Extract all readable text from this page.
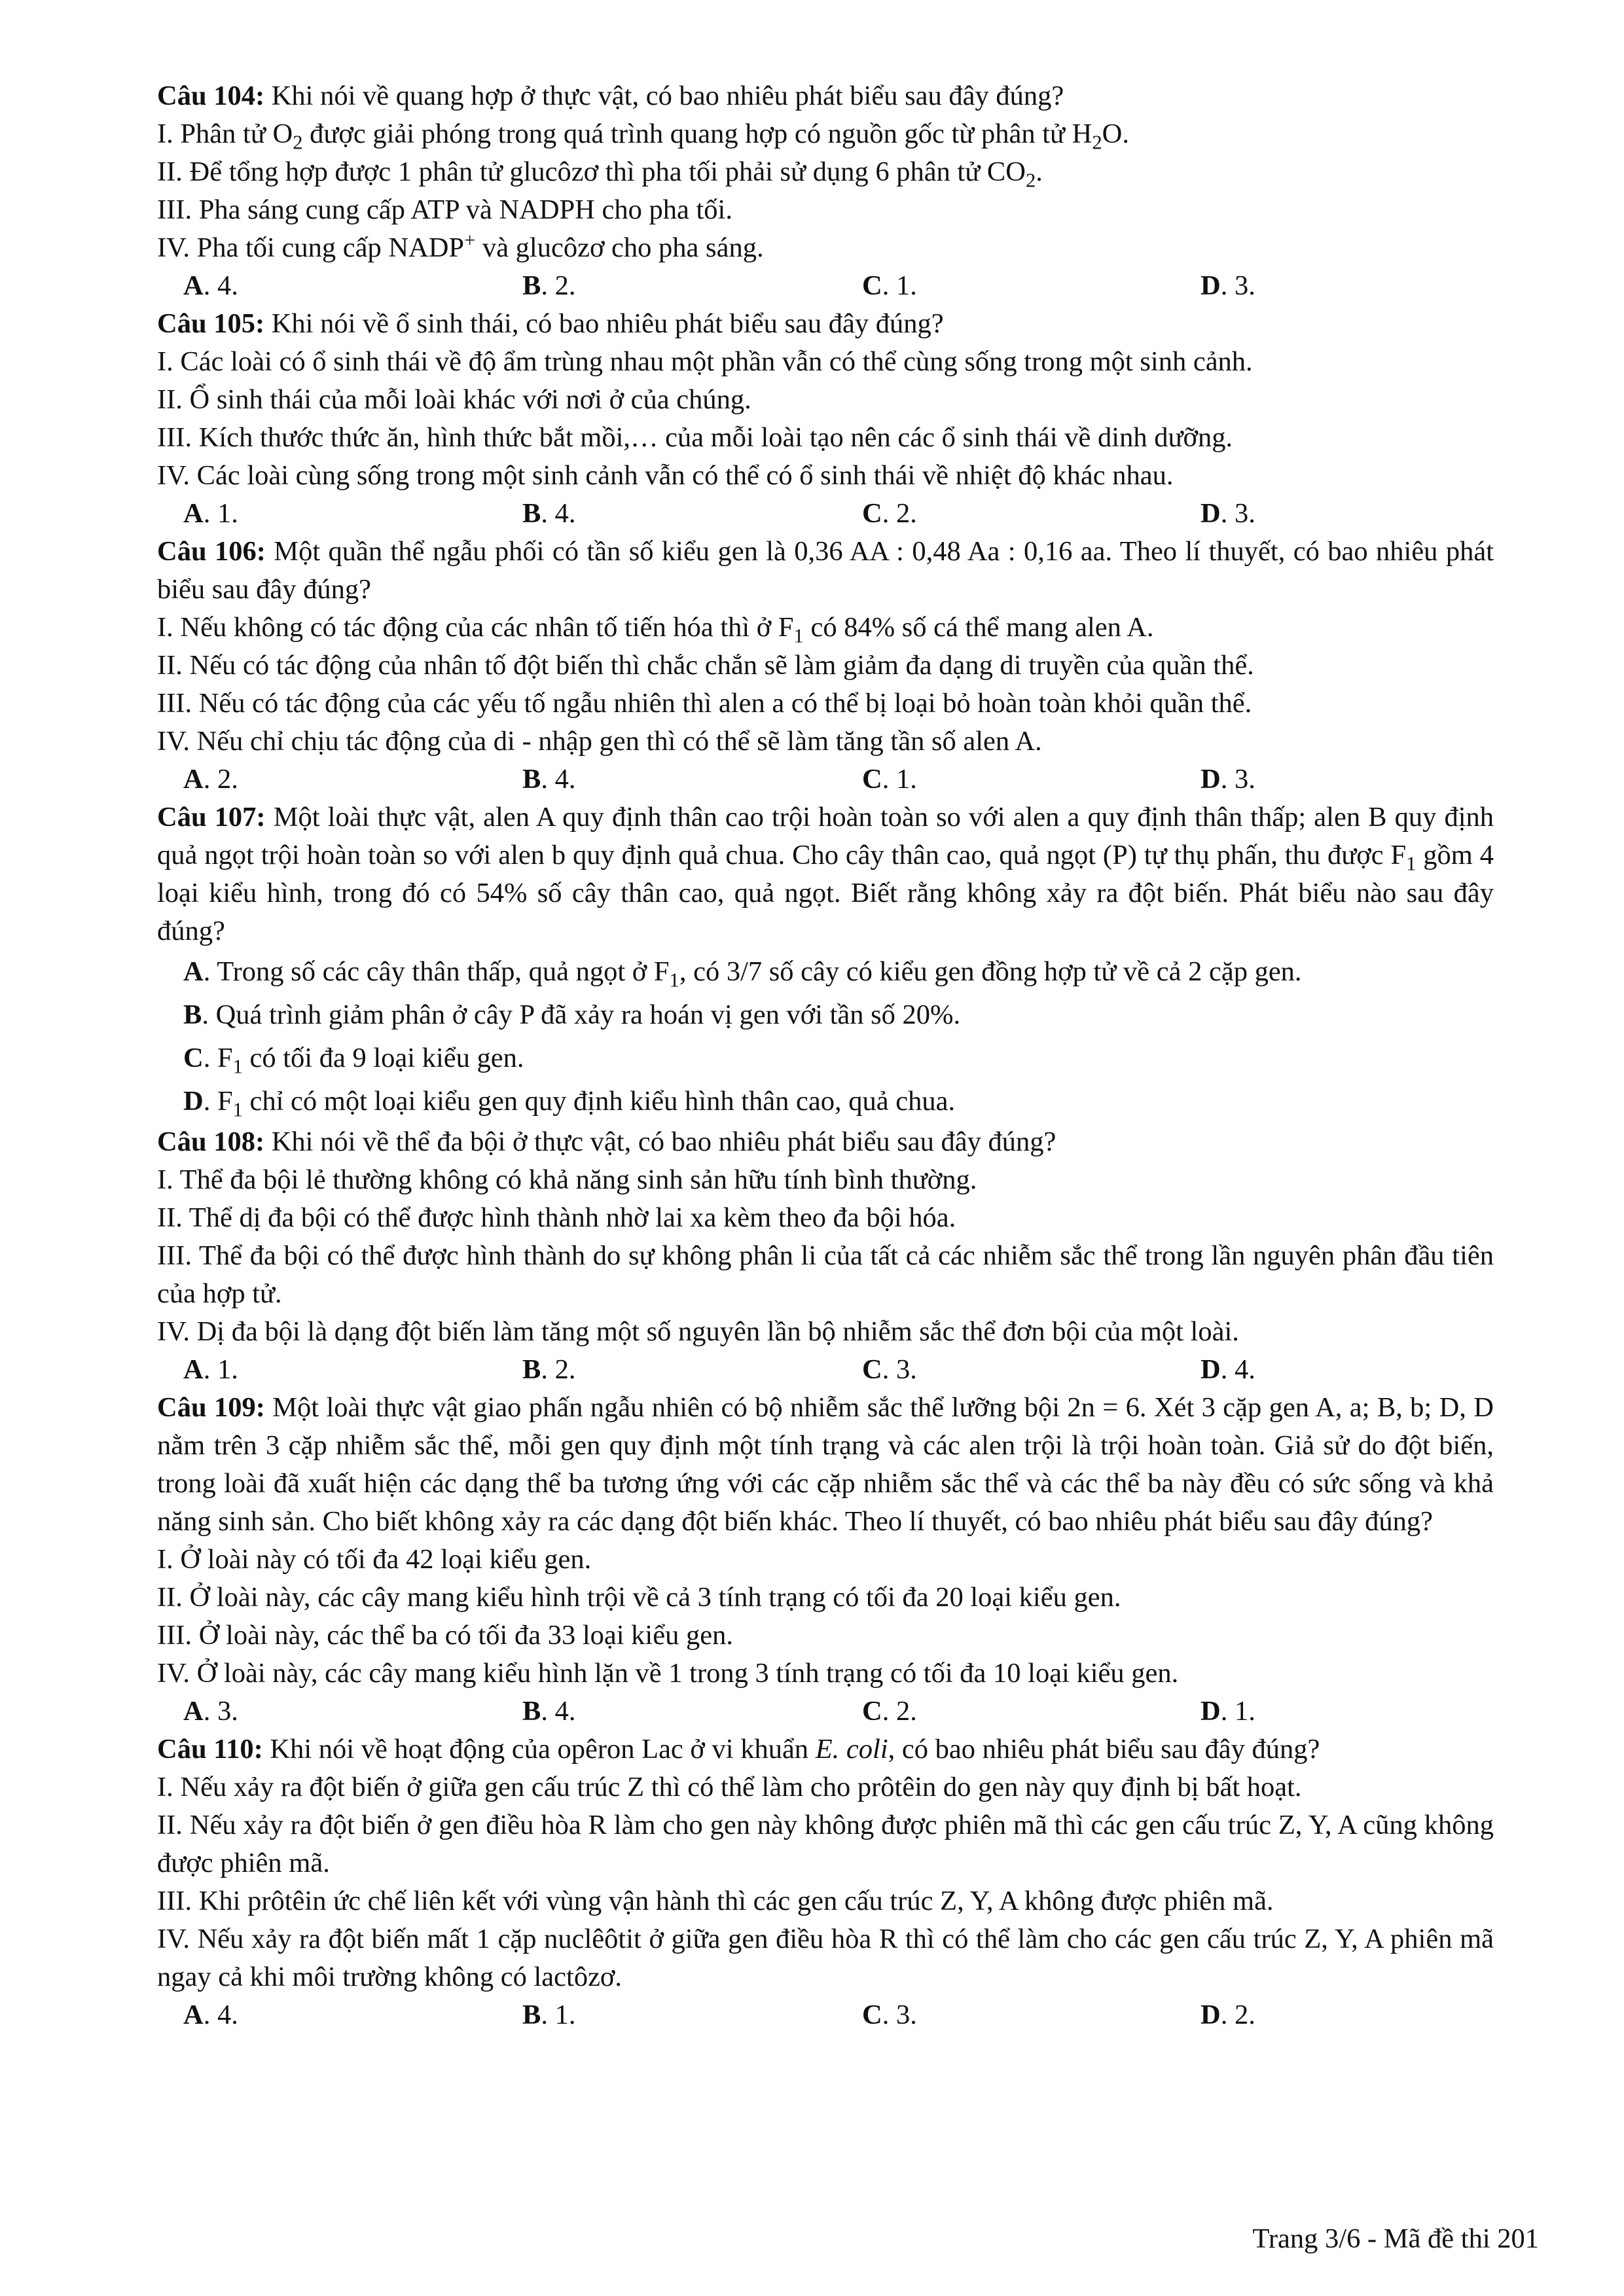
Câu 104: Khi nói về quang hợp ở thực vật, có bao nhiêu phát biểu sau đây đúng?

I. Phân tử $O_2$ được giải phóng trong quá trình quang hợp có nguồn gốc từ phân tử $H_2O$.

II. Để tổng hợp được 1 phân tử glucôzơ thì pha tối phải sử dụng 6 phân tử $CO_2$.

III. Pha sáng cung cấp ATP và NADPH cho pha tối.

IV. Pha tối cung cấp NADP+ và glucôzơ cho pha sáng.

A. 4.	B. 2.	C. 1.	D. 3.

Câu 105: Khi nói về ổ sinh thái, có bao nhiêu phát biểu sau đây đúng?

I. Các loài có ổ sinh thái về độ ẩm trùng nhau một phần vẫn có thể cùng sống trong một sinh cảnh.

II. Ổ sinh thái của mỗi loài khác với nơi ở của chúng.

III. Kích thước thức ăn, hình thức bắt mồi,… của mỗi loài tạo nên các ổ sinh thái về dinh dưỡng.

IV. Các loài cùng sống trong một sinh cảnh vẫn có thể có ổ sinh thái về nhiệt độ khác nhau.

A. 1.	B. 4.	C. 2.	D. 3.

Câu 106: Một quần thể ngẫu phối có tần số kiểu gen là 0,36 AA : 0,48 Aa : 0,16 aa. Theo lí thuyết, có bao nhiêu phát biểu sau đây đúng?

I. Nếu không có tác động của các nhân tố tiến hóa thì ở $F_1$ có 84% số cá thể mang alen A.

II. Nếu có tác động của nhân tố đột biến thì chắc chắn sẽ làm giảm đa dạng di truyền của quần thể.

III. Nếu có tác động của các yếu tố ngẫu nhiên thì alen a có thể bị loại bỏ hoàn toàn khỏi quần thể.

IV. Nếu chỉ chịu tác động của di - nhập gen thì có thể sẽ làm tăng tần số alen A.

A. 2.	B. 4.	C. 1.	D. 3.

Câu 107: Một loài thực vật, alen A quy định thân cao trội hoàn toàn so với alen a quy định thân thấp; alen B quy định quả ngọt trội hoàn toàn so với alen b quy định quả chua. Cho cây thân cao, quả ngọt (P) tự thụ phấn, thu được $F_1$ gồm 4 loại kiểu hình, trong đó có 54% số cây thân cao, quả ngọt. Biết rằng không xảy ra đột biến. Phát biểu nào sau đây đúng?

A. Trong số các cây thân thấp, quả ngọt ở $F_1$, có 3/7 số cây có kiểu gen đồng hợp tử về cả 2 cặp gen.

B. Quá trình giảm phân ở cây P đã xảy ra hoán vị gen với tần số 20%.

C. $F_1$ có tối đa 9 loại kiểu gen.

D. $F_1$ chỉ có một loại kiểu gen quy định kiểu hình thân cao, quả chua.

Câu 108: Khi nói về thể đa bội ở thực vật, có bao nhiêu phát biểu sau đây đúng?

I. Thể đa bội lẻ thường không có khả năng sinh sản hữu tính bình thường.

II. Thể dị đa bội có thể được hình thành nhờ lai xa kèm theo đa bội hóa.

III. Thể đa bội có thể được hình thành do sự không phân li của tất cả các nhiễm sắc thể trong lần nguyên phân đầu tiên của hợp tử.

IV. Dị đa bội là dạng đột biến làm tăng một số nguyên lần bộ nhiễm sắc thể đơn bội của một loài.

A. 1.	B. 2.	C. 3.	D. 4.

Câu 109: Một loài thực vật giao phấn ngẫu nhiên có bộ nhiễm sắc thể lưỡng bội 2n = 6. Xét 3 cặp gen A, a; B, b; D, D nằm trên 3 cặp nhiễm sắc thể, mỗi gen quy định một tính trạng và các alen trội là trội hoàn toàn. Giả sử do đột biến, trong loài đã xuất hiện các dạng thể ba tương ứng với các cặp nhiễm sắc thể và các thể ba này đều có sức sống và khả năng sinh sản. Cho biết không xảy ra các dạng đột biến khác. Theo lí thuyết, có bao nhiêu phát biểu sau đây đúng?

I. Ở loài này có tối đa 42 loại kiểu gen.

II. Ở loài này, các cây mang kiểu hình trội về cả 3 tính trạng có tối đa 20 loại kiểu gen.

III. Ở loài này, các thể ba có tối đa 33 loại kiểu gen.

IV. Ở loài này, các cây mang kiểu hình lặn về 1 trong 3 tính trạng có tối đa 10 loại kiểu gen.

A. 3.	B. 4.	C. 2.	D. 1.

Câu 110: Khi nói về hoạt động của opêron Lac ở vi khuẩn E. coli, có bao nhiêu phát biểu sau đây đúng?

I. Nếu xảy ra đột biến ở giữa gen cấu trúc Z thì có thể làm cho prôtêin do gen này quy định bị bất hoạt.

II. Nếu xảy ra đột biến ở gen điều hòa R làm cho gen này không được phiên mã thì các gen cấu trúc Z, Y, A cũng không được phiên mã.

III. Khi prôtêin ức chế liên kết với vùng vận hành thì các gen cấu trúc Z, Y, A không được phiên mã.

IV. Nếu xảy ra đột biến mất 1 cặp nuclêôtit ở giữa gen điều hòa R thì có thể làm cho các gen cấu trúc Z, Y, A phiên mã ngay cả khi môi trường không có lactôzơ.

A. 4.	B. 1.	C. 3.	D. 2.
Trang 3/6 - Mã đề thi 201
